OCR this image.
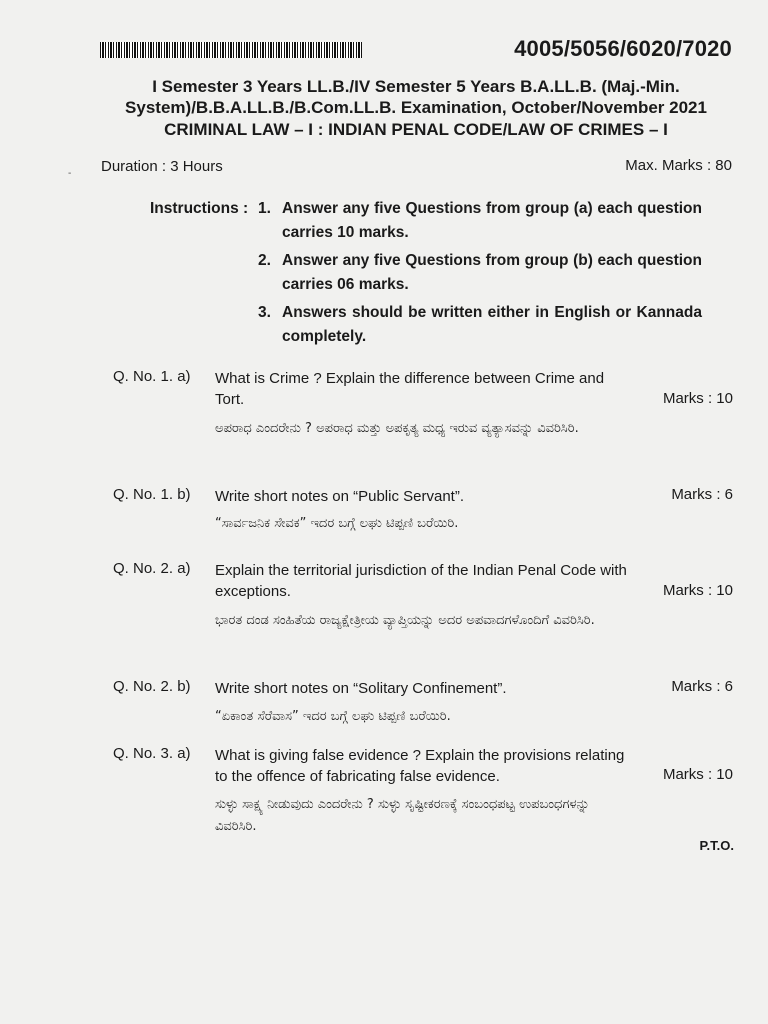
4005/5056/6020/7020
I Semester 3 Years LL.B./IV Semester 5 Years B.A.LL.B. (Maj.-Min.
System)/B.B.A.LL.B./B.Com.LL.B. Examination, October/November 2021
CRIMINAL LAW – I : INDIAN PENAL CODE/LAW OF CRIMES – I
- Duration : 3 Hours	Max. Marks : 80
Instructions : 1. Answer any five Questions from group (a) each question carries 10 marks.
2. Answer any five Questions from group (b) each question carries 06 marks.
3. Answers should be written either in English or Kannada completely.
Q. No. 1. a) What is Crime ? Explain the difference between Crime and Tort.	Marks : 10
ಅಪರಾಧ ಎಂದರೇನು ? ಅಪರಾಧ ಮತ್ತು ಅಪಕೃತ್ಯ ಮಧ್ಯ ಇರುವ ವ್ಯತ್ಯಾಸವನ್ನು ವಿವರಿಸಿರಿ.
Q. No. 1. b) Write short notes on “Public Servant”.	Marks : 6
“ಸಾರ್ವಜನಿಕ ಸೇವಕ” ಇದರ ಬಗ್ಗೆ ಲಘು ಟಿಪ್ಪಣಿ ಬರೆಯಿರಿ.
Q. No. 2. a) Explain the territorial jurisdiction of the Indian Penal Code with exceptions.	Marks : 10
ಭಾರತ ದಂಡ ಸಂಹಿತೆಯ ರಾಜ್ಯಕ್ಷೇತ್ರೀಯ ವ್ಯಾಪ್ತಿಯನ್ನು ಅದರ ಅಪವಾದಗಳೊಂದಿಗೆ ವಿವರಿಸಿರಿ.
Q. No. 2. b) Write short notes on “Solitary Confinement”.	Marks : 6
“ಏಕಾಂತ ಸೆರೆವಾಸ” ಇದರ ಬಗ್ಗೆ ಲಘು ಟಿಪ್ಪಣಿ ಬರೆಯಿರಿ.
Q. No. 3. a) What is giving false evidence ? Explain the provisions relating to the offence of fabricating false evidence.	Marks : 10
ಸುಳ್ಳು ಸಾಕ್ಷ್ಯ ನೀಡುವುದು ಎಂದರೇನು ? ಸುಳ್ಳು ಸೃಷ್ಟೀಕರಣಕ್ಕೆ ಸಂಬಂಧಪಟ್ಟ ಉಪಬಂಧಗಳನ್ನು ವಿವರಿಸಿರಿ.
P.T.O.
